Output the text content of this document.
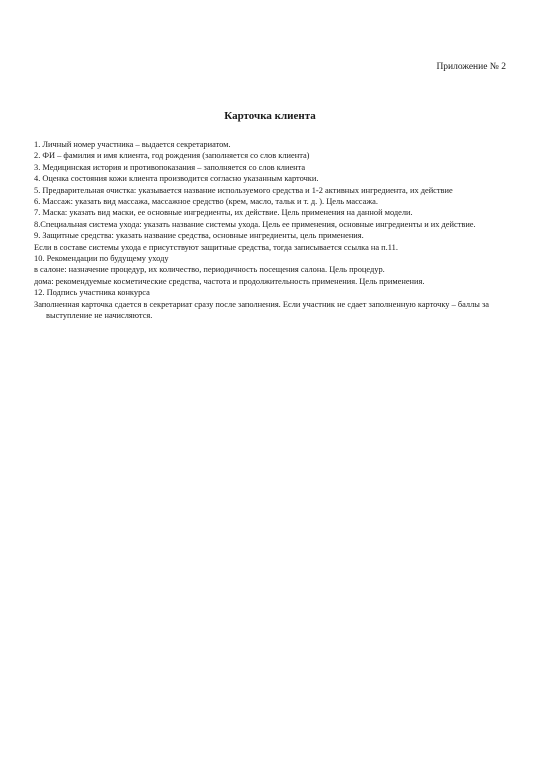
Приложение № 2
Карточка клиента

1. Личный номер участника – выдается секретариатом.

2. ФИ – фамилия и имя клиента, год рождения (заполняется со слов клиента)

3. Медицинская история и противопоказания – заполняется со слов клиента

4. Оценка состояния кожи клиента производится согласно указанным карточки.

5. Предварительная очистка: указывается название используемого средства и 1-2 активных ингредиента, их действие

6. Массаж: указать вид массажа, массажное средство (крем, масло, тальк и т. д. ). Цель массажа.

7. Маска: указать вид маски, ее основные ингредиенты, их действие. Цель применения на данной модели.

8.Специальная система ухода: указать название системы ухода. Цель ее применения, основные ингредиенты и их действие.

9. Защитные средства: указать название средства, основные ингредиенты, цель применения.

Если в составе системы ухода е присутствуют защитные средства, тогда записывается ссылка на п.11.

10. Рекомендации по будущему уходу

в салоне: назначение процедур, их количество, периодичность посещения салона. Цель процедур.

дома: рекомендуемые косметические средства, частота и продолжительность применения. Цель применения.

12. Подпись участника конкурса

Заполненная карточка сдается в секретариат сразу после заполнения. Если участник не сдает заполненную карточку – баллы за выступление не начисляются.
